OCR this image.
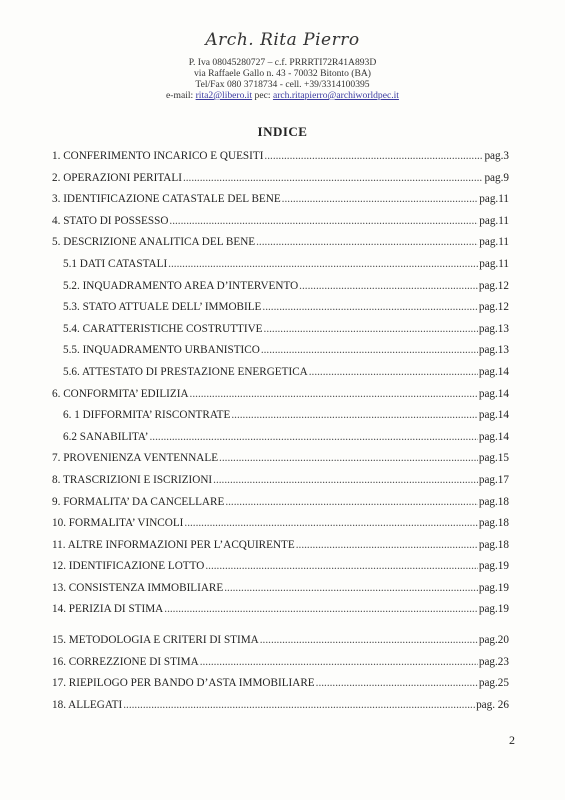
Arch. Rita Pierro
P. Iva 08045280727 – c.f. PRRRTI72R41A893D
via Raffaele Gallo n. 43 - 70032 Bitonto (BA)
Tel/Fax 080 3718734 - cell. +39/3314100395
e-mail: rita2@libero.it pec: arch.ritapierro@archiworldpec.it
INDICE
1. CONFERIMENTO INCARICO E QUESITI .....	pag.3
2. OPERAZIONI PERITALI .....	pag.9
3. IDENTIFICAZIONE CATASTALE DEL BENE .....	pag.11
4. STATO DI POSSESSO .....	pag.11
5. DESCRIZIONE ANALITICA DEL BENE .....	pag.11
5.1 DATI CATASTALI .....	pag.11
5.2. INQUADRAMENTO AREA D’INTERVENTO .....	pag.12
5.3. STATO ATTUALE DELL’ IMMOBILE .....	pag.12
5.4. CARATTERISTICHE COSTRUTTIVE .....	pag.13
5.5. INQUADRAMENTO URBANISTICO .....	pag.13
5.6. ATTESTATO DI PRESTAZIONE ENERGETICA .....	pag.14
6. CONFORMITA’ EDILIZIA .....	pag.14
6. 1 DIFFORMITA’ RISCONTRATE .....	pag.14
6.2 SANABILITA’ .....	pag.14
7. PROVENIENZA VENTENNALE .....	pag.15
8. TRASCRIZIONI E ISCRIZIONI .....	pag.17
9. FORMALITA’ DA CANCELLARE .....	pag.18
10. FORMALITA’ VINCOLI .....	pag.18
11. ALTRE INFORMAZIONI PER L’ACQUIRENTE .....	pag.18
12. IDENTIFICAZIONE LOTTO .....	pag.19
13. CONSISTENZA IMMOBILIARE .....	pag.19
14. PERIZIA DI STIMA .....	pag.19
15. METODOLOGIA E CRITERI DI STIMA .....	pag.20
16. CORREZZIONE DI STIMA .....	pag.23
17. RIEPILOGO PER BANDO D’ASTA IMMOBILIARE .....	pag.25
18. ALLEGATI .....	pag. 26
2
